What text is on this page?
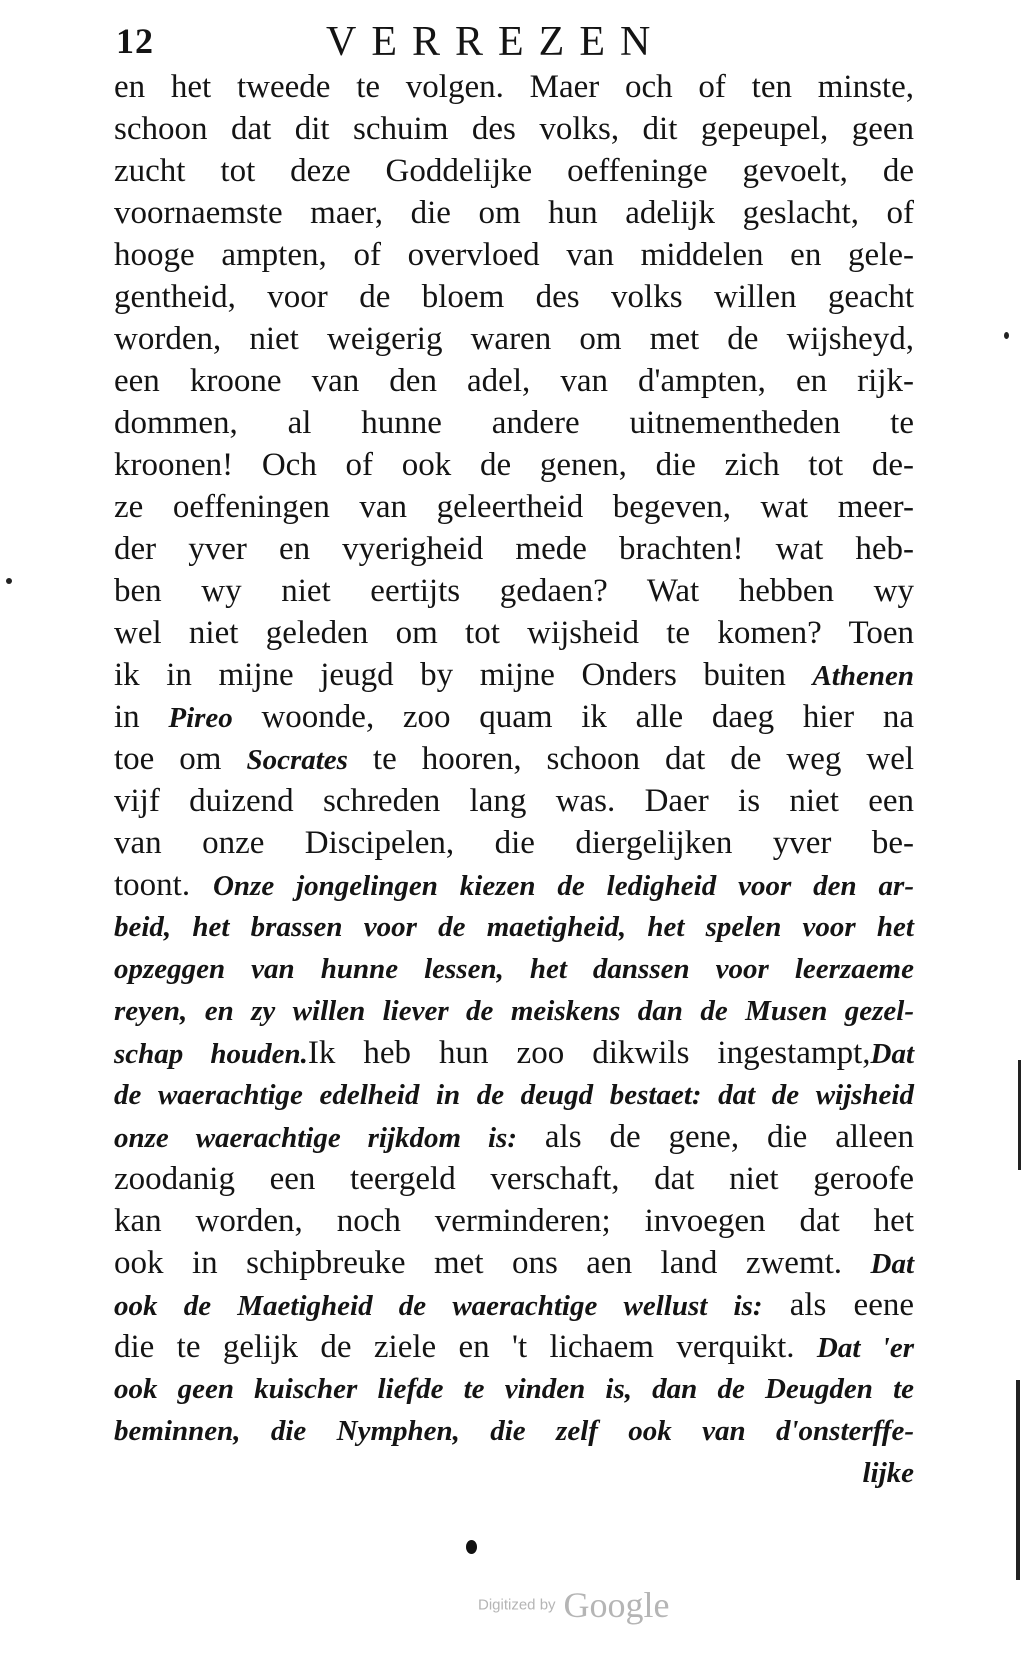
12	VERREZEN
en het tweede te volgen. Maer och of ten minste,
schoon dat dit schuim des volks, dit gepeupel, geen
zucht tot deze Goddelijke oeffeninge gevoelt, de
voornaemste maer, die om hun adelijk geslacht, of
hooge ampten, of overvloed van middelen en gele-
gentheid, voor de bloem des volks willen geacht
worden, niet weigerig waren om met de wijsheyd,
een kroone van den adel, van d'ampten, en rijk-
dommen, al hunne andere uitnementheden te
kroonen! Och of ook de genen, die zich tot de-
ze oeffeningen van geleertheid begeven, wat meer-
der yver en vyerigheid mede brachten! wat heb-
ben wy niet eertijts gedaen? Wat hebben wy
wel niet geleden om tot wijsheid te komen? Toen
ik in mijne jeugd by mijne Onders buiten Athenen
in Pireo woonde, zoo quam ik alle daeg hier na
toe om Socrates te hooren, schoon dat de weg wel
vijf duizend schreden lang was. Daer is niet een
van onze Discipelen, die diergelijken yver be-
toont. Onze jongelingen kiezen de ledigheid voor den ar-
beid, het brassen voor de maetigheid, het spelen voor het
opzeggen van hunne lessen, het danssen voor leerzaeme
reyen, en zy willen liever de meiskens dan de Musen gezel-
schap houden.Ik heb hun zoo dikwils ingestampt,Dat
de waerachtige edelheid in de deugd bestaet: dat de wijsheid
onze waerachtige rijkdom is: als de gene, die alleen
zoodanig een teergeld verschaft, dat niet geroofe
kan worden, noch verminderen; invoegen dat het
ook in schipbreuke met ons aen land zwemt. Dat
ook de Maetigheid de waerachtige wellust is: als eene
die te gelijk de ziele en 't lichaem verquikt. Dat 'er
ook geen kuischer liefde te vinden is, dan de Deugden te
beminnen, die Nymphen, die zelf ook van d'onsterffe-
lijke
Digitized by Google
